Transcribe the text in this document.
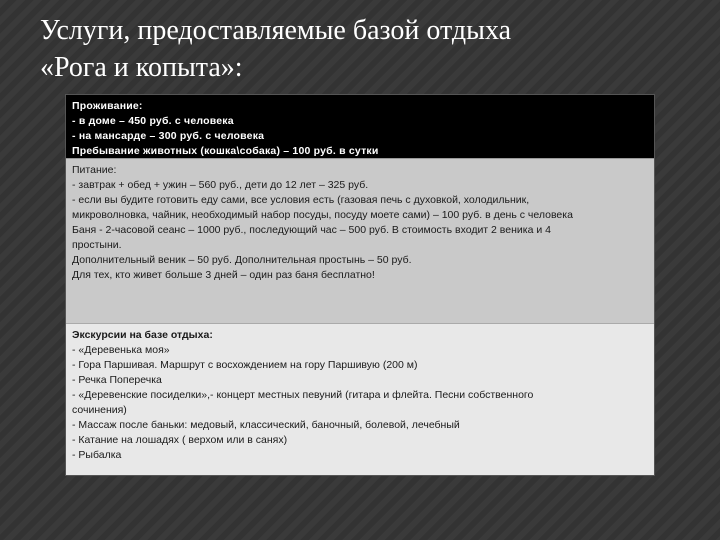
Услуги, предоставляемые базой отдыха
«Рога и копыта»:
Проживание:
- в доме – 450 руб. с человека
- на мансарде – 300 руб. с человека
Пребывание животных (кошка\собака) – 100 руб. в сутки
Питание:
- завтрак + обед + ужин – 560 руб., дети до 12 лет – 325 руб.
- если вы будите готовить еду сами, все условия есть (газовая печь с духовкой, холодильник,
микроволновка, чайник, необходимый набор посуды, посуду моете сами) – 100 руб. в день с человека
Баня - 2-часовой сеанс – 1000 руб., последующий час – 500 руб. В стоимость входит 2 веника и 4
простыни.
Дополнительный веник – 50 руб. Дополнительная простынь – 50 руб.
Для тех, кто живет больше 3 дней – один раз баня бесплатно!
Экскурсии на базе отдыха:
- «Деревенька моя»
- Гора Паршивая. Маршрут с восхождением на гору Паршивую (200 м)
- Речка Поперечка
- «Деревенские посиделки»,- концерт местных певуний (гитара и флейта. Песни собственного
сочинения)
- Массаж после баньки: медовый, классический, баночный, болевой, лечебный
- Катание на лошадях ( верхом или в санях)
- Рыбалка
